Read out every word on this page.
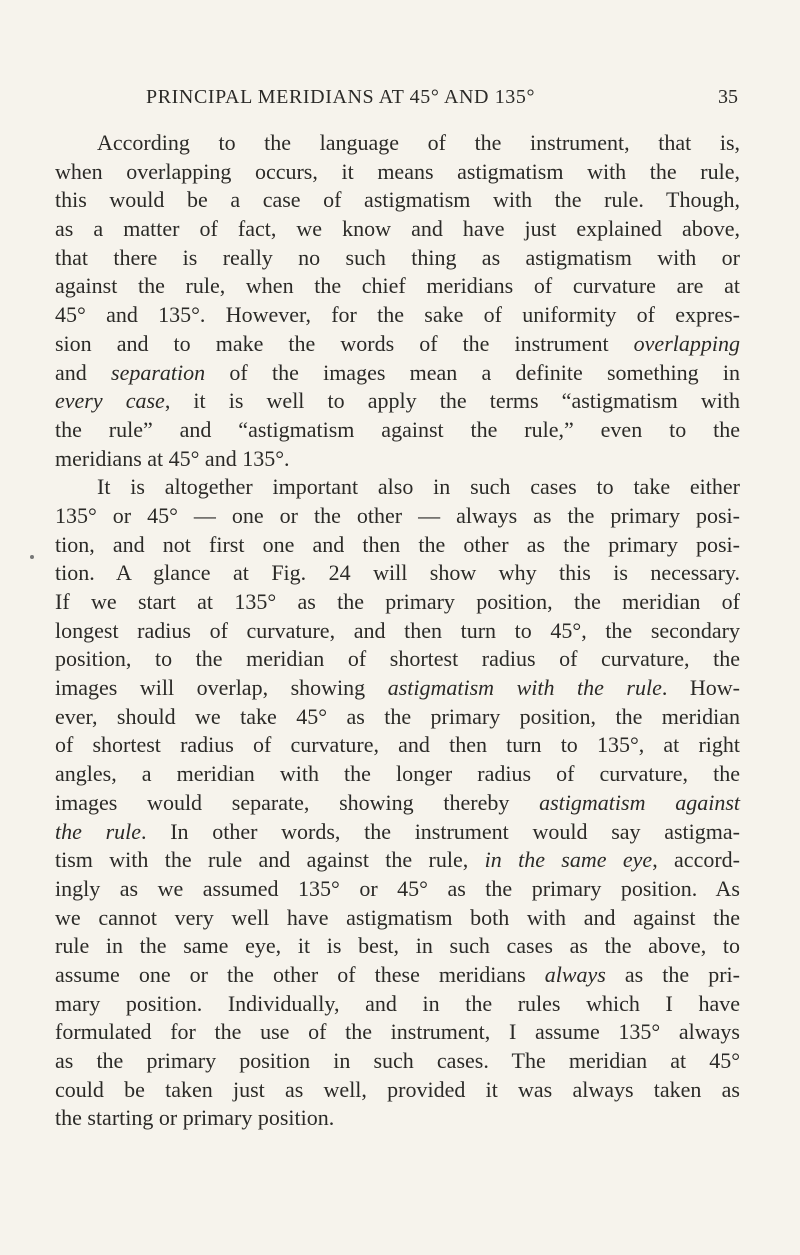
PRINCIPAL MERIDIANS AT 45° AND 135°	35
According to the language of the instrument, that is,
when overlapping occurs, it means astigmatism with the rule,
this would be a case of astigmatism with the rule. Though,
as a matter of fact, we know and have just explained above,
that there is really no such thing as astigmatism with or
against the rule, when the chief meridians of curvature are at
45° and 135°. However, for the sake of uniformity of expres-
sion and to make the words of the instrument overlapping
and separation of the images mean a definite something in
every case, it is well to apply the terms “astigmatism with
the rule” and “astigmatism against the rule,” even to the
meridians at 45° and 135°.
It is altogether important also in such cases to take either
135° or 45° — one or the other — always as the primary posi-
tion, and not first one and then the other as the primary posi-
tion. A glance at Fig. 24 will show why this is necessary.
If we start at 135° as the primary position, the meridian of
longest radius of curvature, and then turn to 45°, the secondary
position, to the meridian of shortest radius of curvature, the
images will overlap, showing astigmatism with the rule. How-
ever, should we take 45° as the primary position, the meridian
of shortest radius of curvature, and then turn to 135°, at right
angles, a meridian with the longer radius of curvature, the
images would separate, showing thereby astigmatism against
the rule. In other words, the instrument would say astigma-
tism with the rule and against the rule, in the same eye, accord-
ingly as we assumed 135° or 45° as the primary position. As
we cannot very well have astigmatism both with and against the
rule in the same eye, it is best, in such cases as the above, to
assume one or the other of these meridians always as the pri-
mary position. Individually, and in the rules which I have
formulated for the use of the instrument, I assume 135° always
as the primary position in such cases. The meridian at 45°
could be taken just as well, provided it was always taken as
the starting or primary position.
